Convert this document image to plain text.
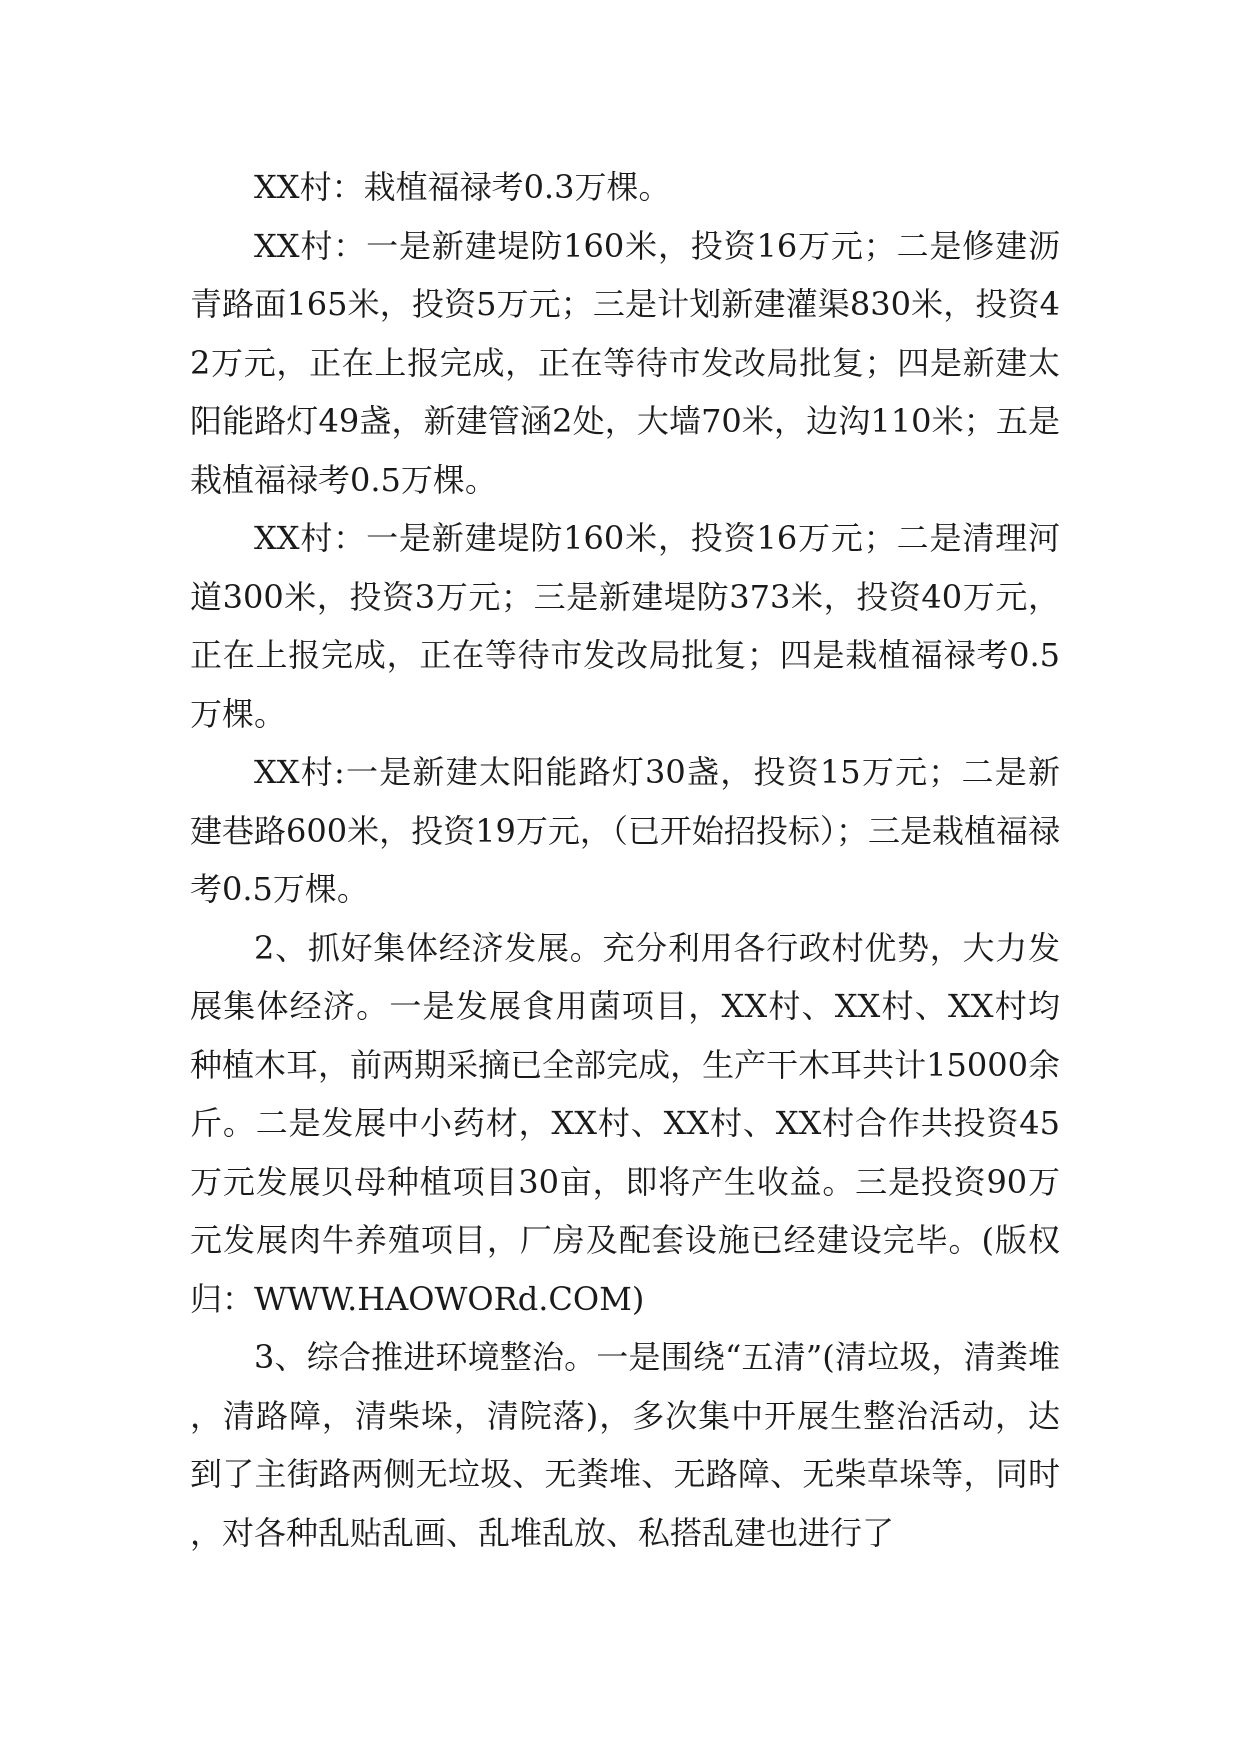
XX村：栽植福禄考0.3万棵。

XX村：一是新建堤防160米，投资16万元；二是修建沥青路面165米，投资5万元；三是计划新建灌渠830米，投资42万元，正在上报完成，正在等待市发改局批复；四是新建太阳能路灯49盏，新建管涵2处，大墙70米，边沟110米；五是栽植福禄考0.5万棵。

XX村：一是新建堤防160米，投资16万元；二是清理河道300米，投资3万元；三是新建堤防373米，投资40万元，正在上报完成，正在等待市发改局批复；四是栽植福禄考0.5万棵。

XX村:一是新建太阳能路灯30盏，投资15万元；二是新建巷路600米，投资19万元，（已开始招投标）；三是栽植福禄考0.5万棵。

2、抓好集体经济发展。充分利用各行政村优势，大力发展集体经济。一是发展食用菌项目，XX村、XX村、XX村均种植木耳，前两期采摘已全部完成，生产干木耳共计15000余斤。二是发展中小药材，XX村、XX村、XX村合作共投资45万元发展贝母种植项目30亩，即将产生收益。三是投资90万元发展肉牛养殖项目，厂房及配套设施已经建设完毕。(版权归：WWW.HAOWORd.COM)

3、综合推进环境整治。一是围绕“五清”(清垃圾，清粪堆，清路障，清柴垛，清院落)，多次集中开展生整治活动，达到了主街路两侧无垃圾、无粪堆、无路障、无柴草垛等，同时，对各种乱贴乱画、乱堆乱放、私搭乱建也进行了
